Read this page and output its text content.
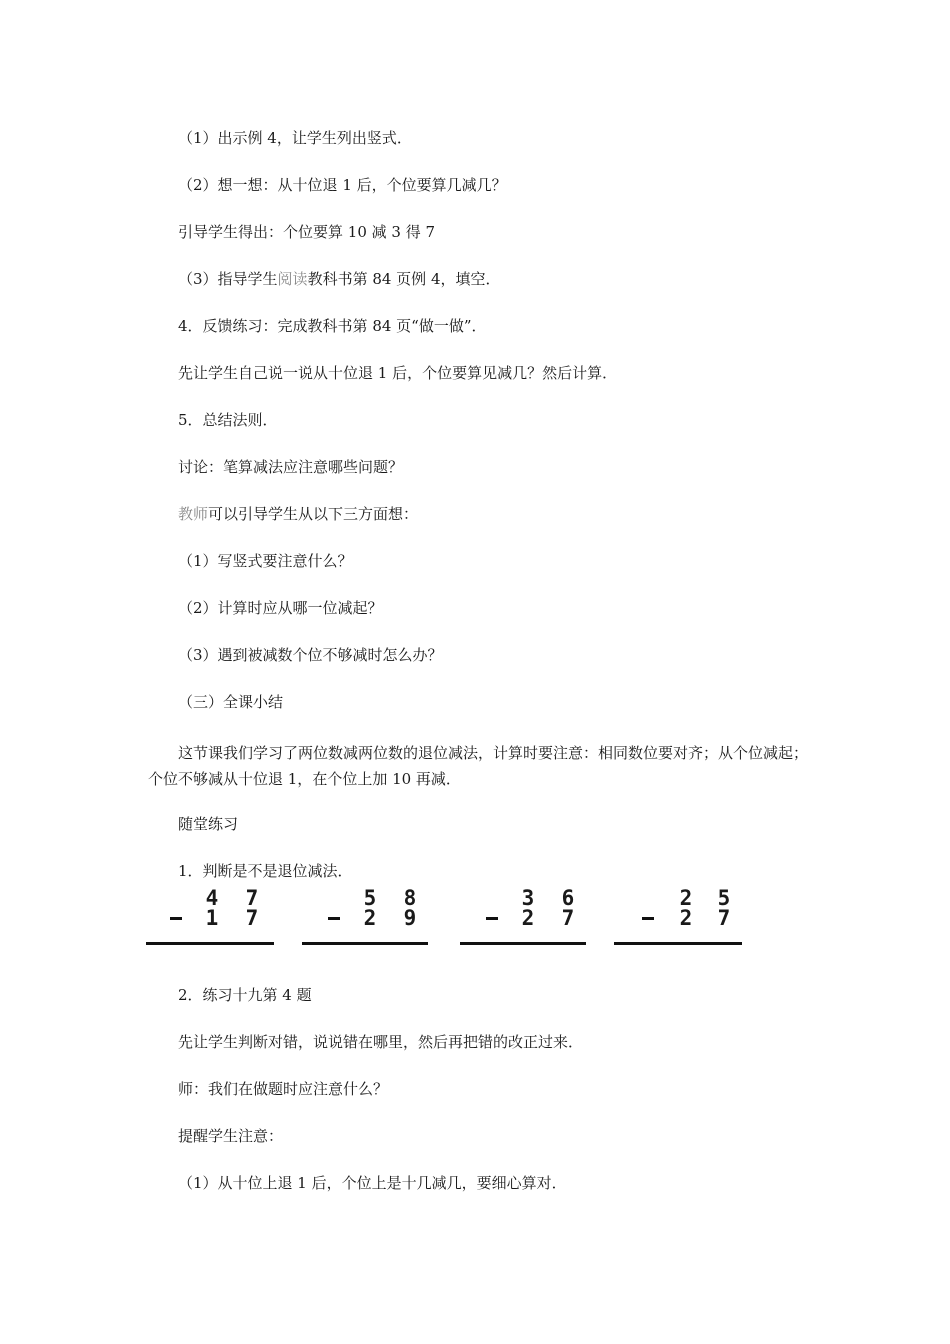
（1）出示例 4，让学生列出竖式．
（2）想一想：从十位退 1 后，个位要算几减几？
引导学生得出：个位要算 10 减 3 得 7
（3）指导学生阅读教科书第 84 页例 4，填空．
4．反馈练习：完成教科书第 84 页“做一做”．
先让学生自己说一说从十位退 1 后，个位要算见减几？然后计算．
5．总结法则．
讨论：笔算减法应注意哪些问题？
教师可以引导学生从以下三方面想：
（1）写竖式要注意什么？
（2）计算时应从哪一位减起？
（3）遇到被减数个位不够减时怎么办？
（三）全课小结
这节课我们学习了两位数减两位数的退位减法，计算时要注意：相同数位要对齐；从个位减起；个位不够减从十位退 1，在个位上加 10 再减．
随堂练习
1．判断是不是退位减法．
4 7
1 7
5 8
2 9
3 6
2 7
2 5
2 7
2．练习十九第 4 题
先让学生判断对错，说说错在哪里，然后再把错的改正过来．
师：我们在做题时应注意什么？
提醒学生注意：
（1）从十位上退 1 后，个位上是十几减几，要细心算对．
